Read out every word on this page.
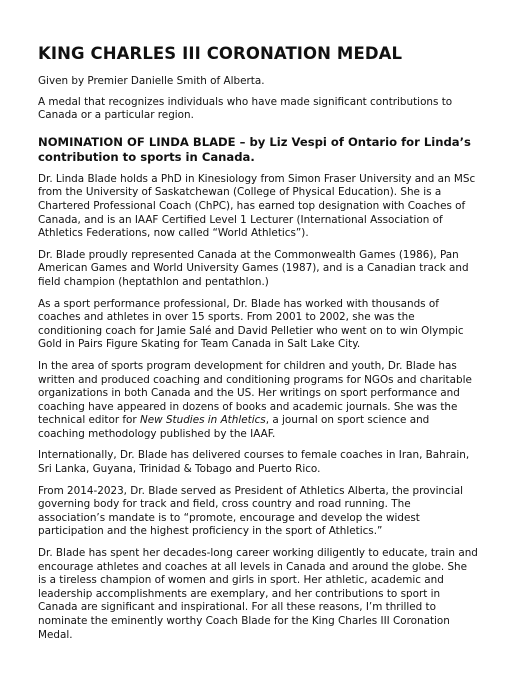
KING CHARLES III CORONATION MEDAL

Given by Premier Danielle Smith of Alberta.

A medal that recognizes individuals who have made significant contributions to Canada or a particular region.

NOMINATION OF LINDA BLADE – by Liz Vespi of Ontario for Linda’s contribution to sports in Canada.

Dr. Linda Blade holds a PhD in Kinesiology from Simon Fraser University and an MSc from the University of Saskatchewan (College of Physical Education). She is a Chartered Professional Coach (ChPC), has earned top designation with Coaches of Canada, and is an IAAF Certified Level 1 Lecturer (International Association of Athletics Federations, now called “World Athletics”).

Dr. Blade proudly represented Canada at the Commonwealth Games (1986), Pan American Games and World University Games (1987), and is a Canadian track and field champion (heptathlon and pentathlon.)

As a sport performance professional, Dr. Blade has worked with thousands of coaches and athletes in over 15 sports. From 2001 to 2002, she was the conditioning coach for Jamie Salé and David Pelletier who went on to win Olympic Gold in Pairs Figure Skating for Team Canada in Salt Lake City.

In the area of sports program development for children and youth, Dr. Blade has written and produced coaching and conditioning programs for NGOs and charitable organizations in both Canada and the US. Her writings on sport performance and coaching have appeared in dozens of books and academic journals. She was the technical editor for New Studies in Athletics, a journal on sport science and coaching methodology published by the IAAF.

Internationally, Dr. Blade has delivered courses to female coaches in Iran, Bahrain, Sri Lanka, Guyana, Trinidad & Tobago and Puerto Rico.

From 2014-2023, Dr. Blade served as President of Athletics Alberta, the provincial governing body for track and field, cross country and road running. The association’s mandate is to “promote, encourage and develop the widest participation and the highest proficiency in the sport of Athletics.”

Dr. Blade has spent her decades-long career working diligently to educate, train and encourage athletes and coaches at all levels in Canada and around the globe. She is a tireless champion of women and girls in sport. Her athletic, academic and leadership accomplishments are exemplary, and her contributions to sport in Canada are significant and inspirational. For all these reasons, I’m thrilled to nominate the eminently worthy Coach Blade for the King Charles III Coronation Medal.
